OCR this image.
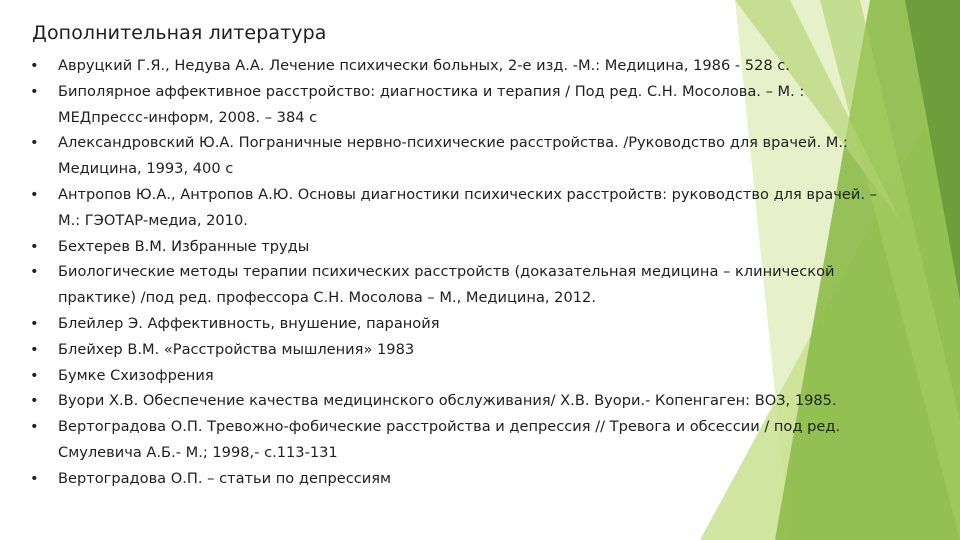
Дополнительная литература
• Авруцкий Г.Я., Недува А.А. Лечение психически больных, 2-е изд. -М.: Медицина, 1986 - 528 с.
• Биполярное аффективное расстройство: диагностика и терапия / Под ред. С.Н. Мосолова. – М. : МЕДпрессс-информ, 2008. – 384 с
• Александровский Ю.А. Пограничные нервно-психические расстройства. /Руководство для врачей. М.: Медицина, 1993, 400 с
• Антропов Ю.А., Антропов А.Ю. Основы диагностики психических расстройств: руководство для врачей. – М.: ГЭОТАР-медиа, 2010.
• Бехтерев В.М. Избранные труды
• Биологические методы терапии психических расстройств (доказательная медицина – клинической практике) /под ред. профессора С.Н. Мосолова – М., Медицина, 2012.
• Блейлер Э. Аффективность, внушение, паранойя
• Блейхер В.М. «Расстройства мышления» 1983
• Бумке Схизофрения
• Вуори Х.В. Обеспечение качества медицинского обслуживания/ Х.В. Вуори.- Копенгаген: ВОЗ, 1985.
• Вертоградова О.П. Тревожно-фобические расстройства и депрессия // Тревога и обсессии / под ред. Смулевича А.Б.- М.; 1998,- с.113-131
• Вертоградова О.П. – статьи по депрессиям
